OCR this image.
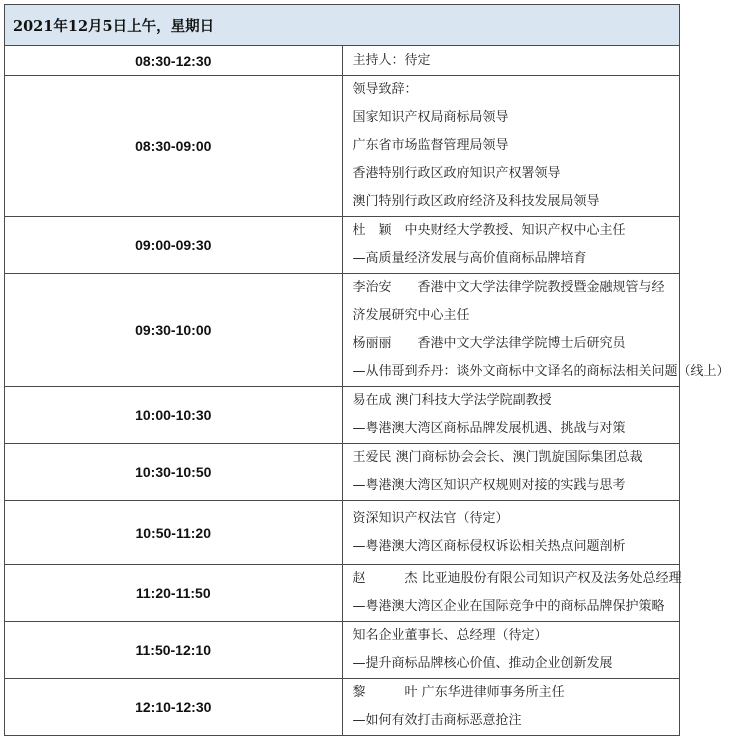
2021年12月5日上午，星期日	
08:30-12:30	主持人：待定

08:30-09:00	领导致辞：
国家知识产权局商标局领导
广东省市场监督管理局领导
香港特别行政区政府知识产权署领导
澳门特别行政区政府经济及科技发展局领导

09:00-09:30	杜　颖　中央财经大学教授、知识产权中心主任
—高质量经济发展与高价值商标品牌培育

09:30-10:00	李治安　　香港中文大学法律学院教授暨金融规管与经济发展研究中心主任
杨丽丽　　香港中文大学法律学院博士后研究员
—从伟哥到乔丹：谈外文商标中文译名的商标法相关问题（线上）

10:00-10:30	易在成 澳门科技大学法学院副教授
—粤港澳大湾区商标品牌发展机遇、挑战与对策

10:30-10:50	王爱民 澳门商标协会会长、澳门凯旋国际集团总裁
—粤港澳大湾区知识产权规则对接的实践与思考

10:50-11:20	资深知识产权法官（待定）
—粤港澳大湾区商标侵权诉讼相关热点问题剖析

11:20-11:50	赵　　　杰 比亚迪股份有限公司知识产权及法务处总经理
—粤港澳大湾区企业在国际竞争中的商标品牌保护策略

11:50-12:10	知名企业董事长、总经理（待定）
—提升商标品牌核心价值、推动企业创新发展

12:10-12:30	黎　　　叶 广东华进律师事务所主任
—如何有效打击商标恶意抢注
